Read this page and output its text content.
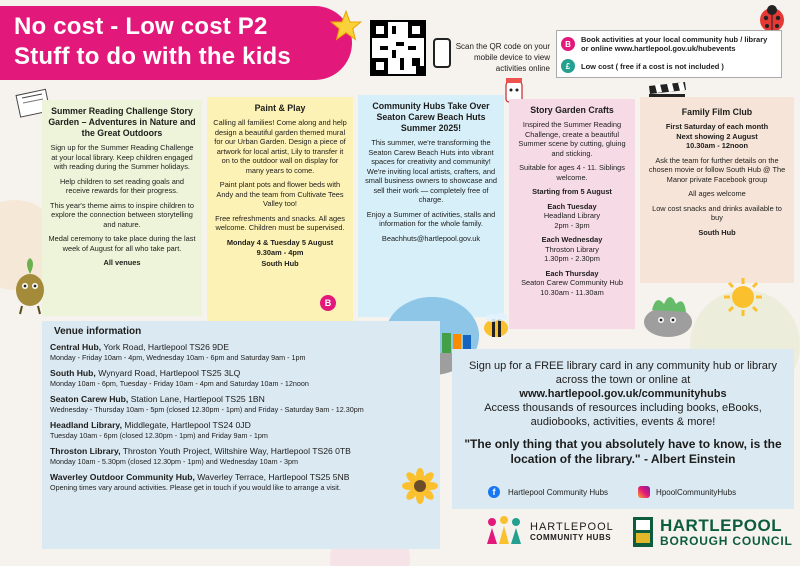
No cost - Low cost P2
Stuff to do with the kids	Scan the QR code on your mobile device to view activities online
B	Book activities at your local community hub / library or online www.hartlepool.gov.uk/hubevents
£	Low cost ( free if a cost is not included )
Summer Reading Challenge Story Garden – Adventures in Nature and the Great Outdoors

Sign up for the Summer Reading Challenge at your local library. Keep children engaged with reading during the Summer holidays.

Help children to set reading goals and receive rewards for their progress.

This year's theme aims to inspire children to explore the connection between storytelling and nature.

Medal ceremony to take place during the last week of August for all who take part.

All venues

Paint & Play

Calling all families! Come along and help design a beautiful garden themed mural for our Urban Garden. Design a piece of artwork for local artist, Lily to transfer it on to the outdoor wall on display for many years to come.

Paint plant pots and flower beds with Andy and the team from Cultivate Tees Valley too!

Free refreshments and snacks. All ages welcome. Children must be supervised.

Monday 4 & Tuesday 5 August

9.30am - 4pm

South Hub

B
Community Hubs Take Over Seaton Carew Beach Huts Summer 2025!

This summer, we're transforming the Seaton Carew Beach Huts into vibrant spaces for creativity and community! We're inviting local artists, crafters, and small business owners to showcase and sell their work — completely free of charge.

Enjoy a Summer of activities, stalls and information for the whole family.

Beachhuts@hartlepool.gov.uk

Story Garden Crafts

Inspired the Summer Reading Challenge, create a beautiful Summer scene by cutting, gluing and sticking.

Suitable for ages 4 - 11. Siblings welcome.

Starting from 5 August

Each Tuesday

Headland Library

2pm - 3pm

Each Wednesday

Throston Library

1.30pm - 2.30pm

Each Thursday

Seaton Carew Community Hub

10.30am - 11.30am

Family Film Club

First Saturday of each month

Next showing 2 August

10.30am - 12noon

Ask the team for further details on the chosen movie or follow South Hub @ The Manor private Facebook group

All ages welcome

Low cost snacks and drinks available to buy

South Hub

Venue information
Central Hub, York Road, Hartlepool TS26 9DE
Monday - Friday 10am - 4pm, Wednesday 10am - 6pm and Saturday 9am - 1pm
South Hub, Wynyard Road, Hartlepool TS25 3LQ
Monday 10am - 6pm, Tuesday - Friday 10am - 4pm and Saturday 10am - 12noon
Seaton Carew Hub, Station Lane, Hartlepool TS25 1BN
Wednesday - Thursday 10am - 5pm (closed 12.30pm - 1pm) and Friday - Saturday 9am - 12.30pm
Headland Library, Middlegate, Hartlepool TS24 0JD
Tuesday 10am - 6pm (closed 12.30pm - 1pm) and Friday 9am - 1pm
Throston Library, Throston Youth Project, Wiltshire Way, Hartlepool TS26 0TB
Monday 10am - 5.30pm (closed 12.30pm - 1pm) and Wednesday 10am - 3pm
Waverley Outdoor Community Hub, Waverley Terrace, Hartlepool TS25 5NB
Opening times vary around activities. Please get in touch if you would like to arrange a visit.
Sign up for a FREE library card in any community hub or library across the town or online at
www.hartlepool.gov.uk/communityhubs
Access thousands of resources including books, eBooks, audiobooks, activities, events & more!
"The only thing that you absolutely have to know, is the location of the library." - Albert Einstein
f	Hartlepool Community Hubs	HpoolCommunityHubs
HARTLEPOOL
COMMUNITY HUBS
HARTLEPOOL
BOROUGH COUNCIL
